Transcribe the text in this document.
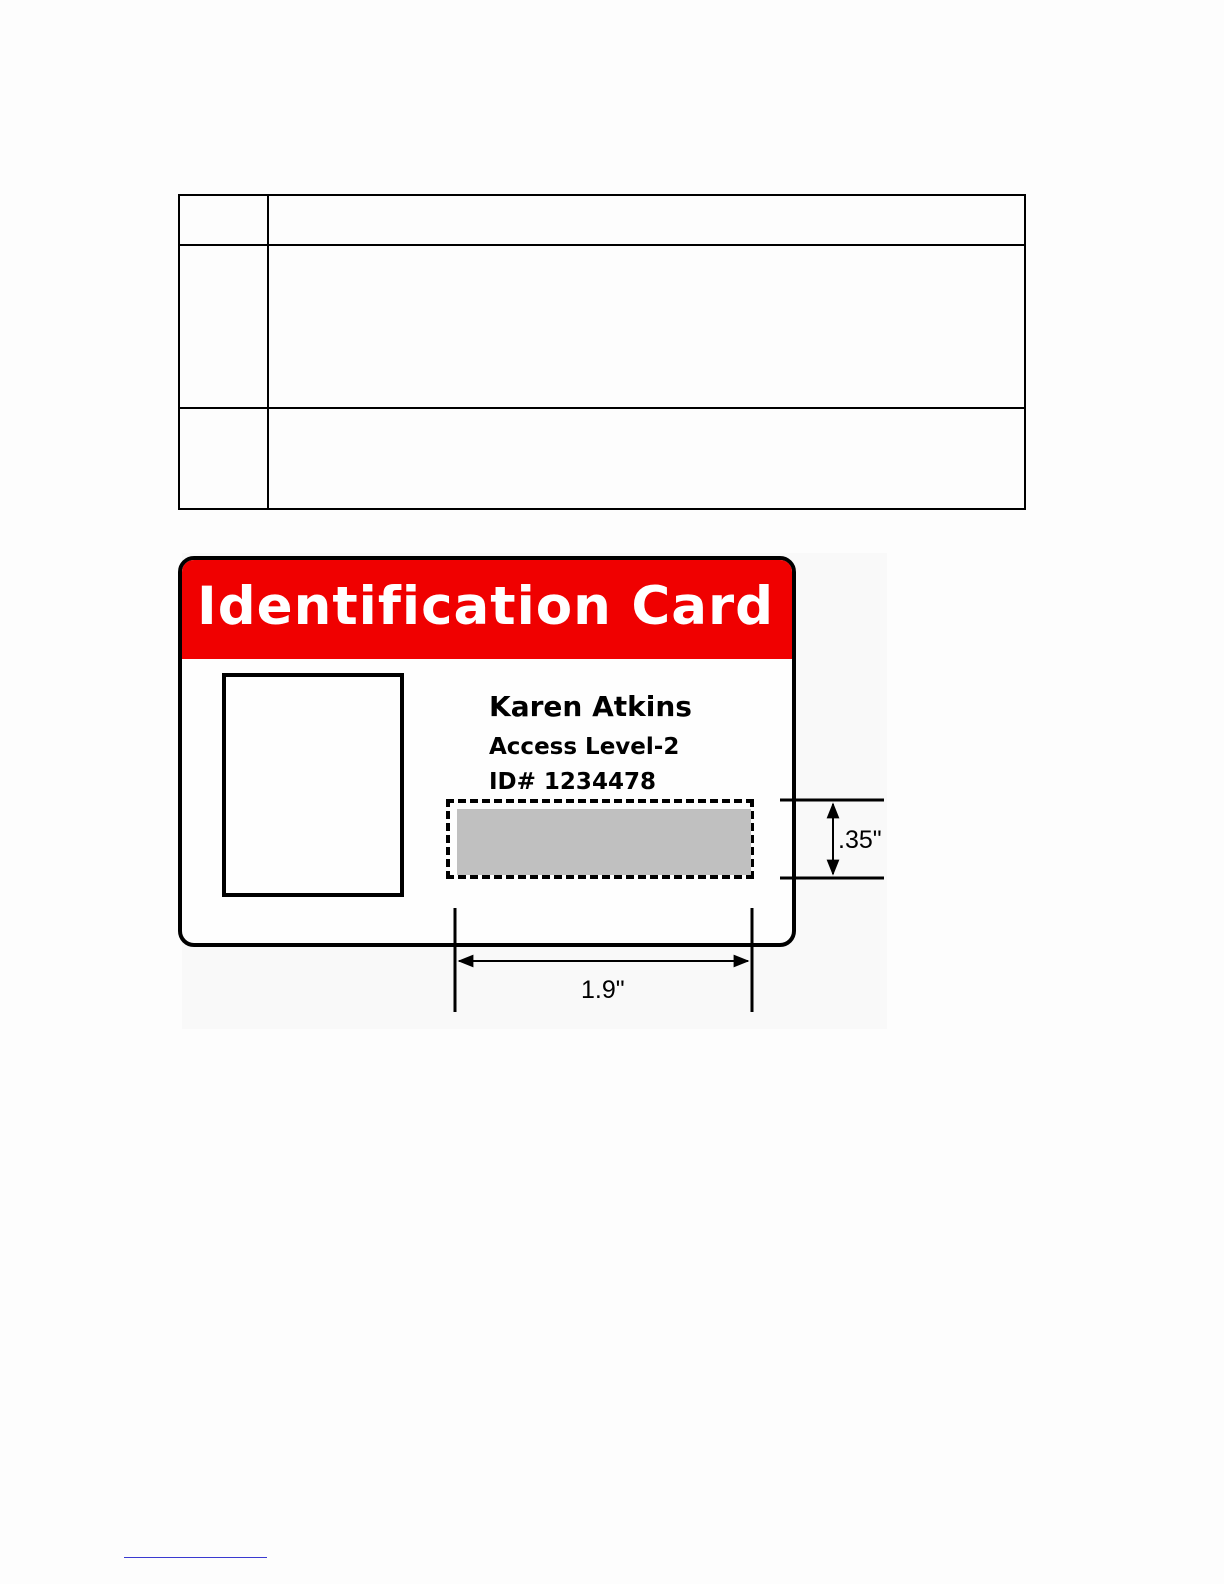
Identification Card
Karen Atkins
Access Level-2
ID# 1234478
.35"
1.9"
